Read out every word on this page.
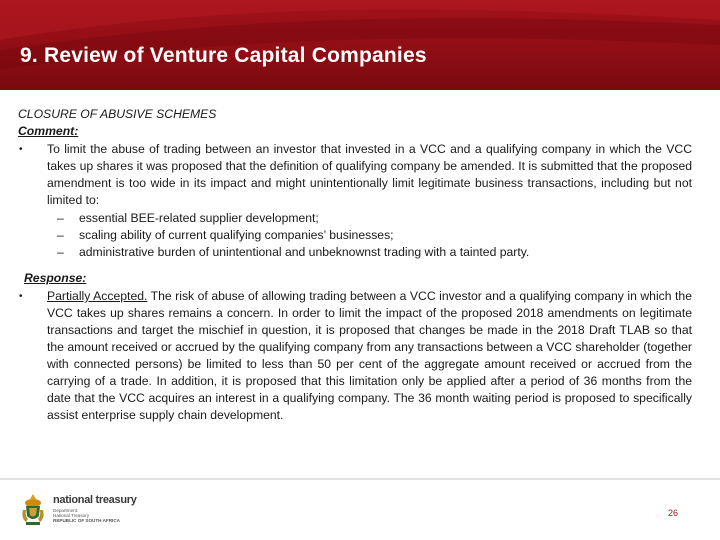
9. Review of Venture Capital Companies
CLOSURE OF ABUSIVE SCHEMES
Comment:
•	To limit the abuse of trading between an investor that invested in a VCC and a qualifying company in which the VCC takes up shares it was proposed that the definition of qualifying company be amended. It is submitted that the proposed amendment is too wide in its impact and might unintentionally limit legitimate business transactions, including but not limited to:
–	essential BEE-related supplier development;
–	scaling ability of current qualifying companies’ businesses;
–	administrative burden of unintentional and unbeknownst trading with a tainted party.
Response:
•	Partially Accepted. The risk of abuse of allowing trading between a VCC investor and a qualifying company in which the VCC takes up shares remains a concern. In order to limit the impact of the proposed 2018 amendments on legitimate transactions and target the mischief in question, it is proposed that changes be made in the 2018 Draft TLAB so that the amount received or accrued by the qualifying company from any transactions between a VCC shareholder (together with connected persons) be limited to less than 50 per cent of the aggregate amount received or accrued from the carrying of a trade. In addition, it is proposed that this limitation only be applied after a period of 36 months from the date that the VCC acquires an interest in a qualifying company. The 36 month waiting period is proposed to specifically assist enterprise supply chain development.
national treasury
Department:
National Treasury
REPUBLIC OF SOUTH AFRICA
26
